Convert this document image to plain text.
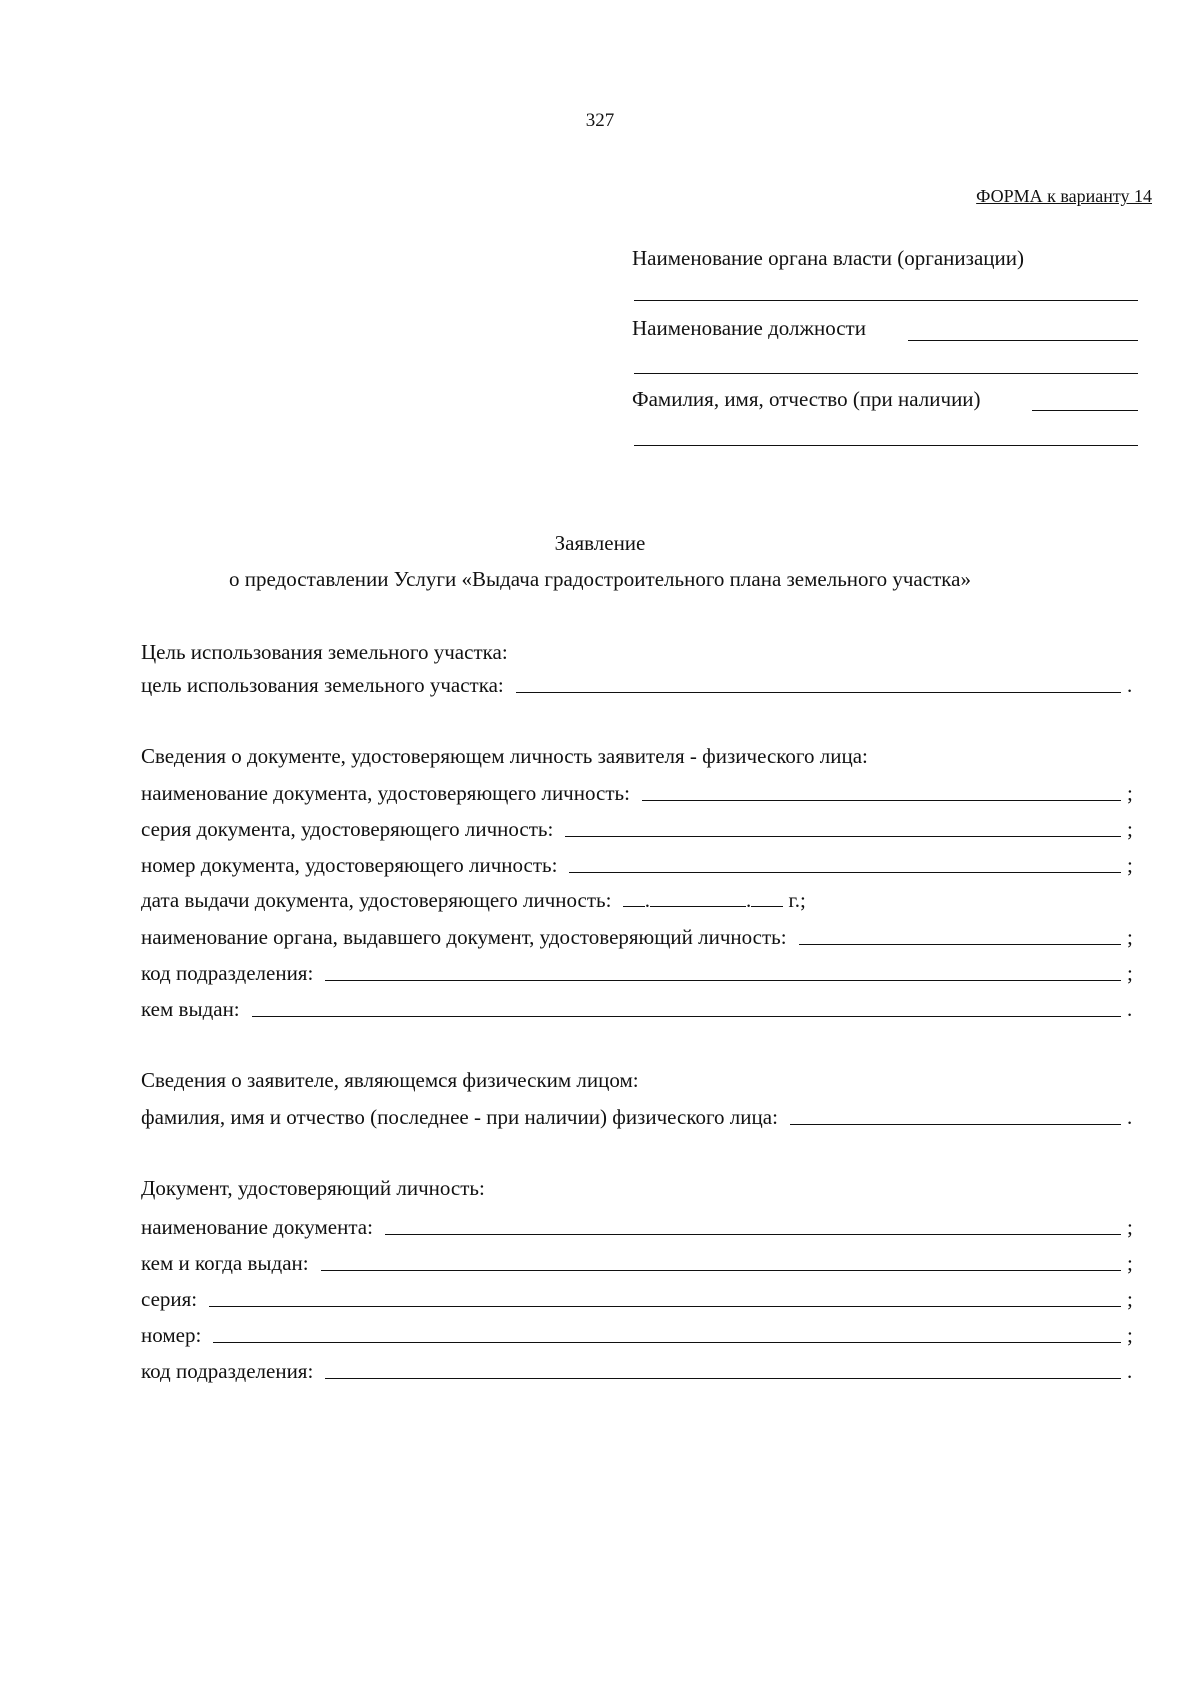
327
ФОРМА к варианту 14
Наименование органа власти (организации)
Наименование должности
Фамилия, имя, отчество (при наличии)
Заявление
о предоставлении Услуги «Выдача градостроительного плана земельного участка»
Цель использования земельного участка:
цель использования земельного участка:	.
Сведения о документе, удостоверяющем личность заявителя - физического лица:
наименование документа, удостоверяющего личность:	;
серия документа, удостоверяющего личность:	;
номер документа, удостоверяющего личность:	;
дата выдачи документа, удостоверяющего личность: .	. г.;
наименование органа, выдавшего документ, удостоверяющий личность:	;
код подразделения:	;
кем выдан:	.
Сведения о заявителе, являющемся физическим лицом:
фамилия, имя и отчество (последнее - при наличии) физического лица:	.
Документ, удостоверяющий личность:
наименование документа:	;
кем и когда выдан:	;
серия:	;
номер:	;
код подразделения:	.
